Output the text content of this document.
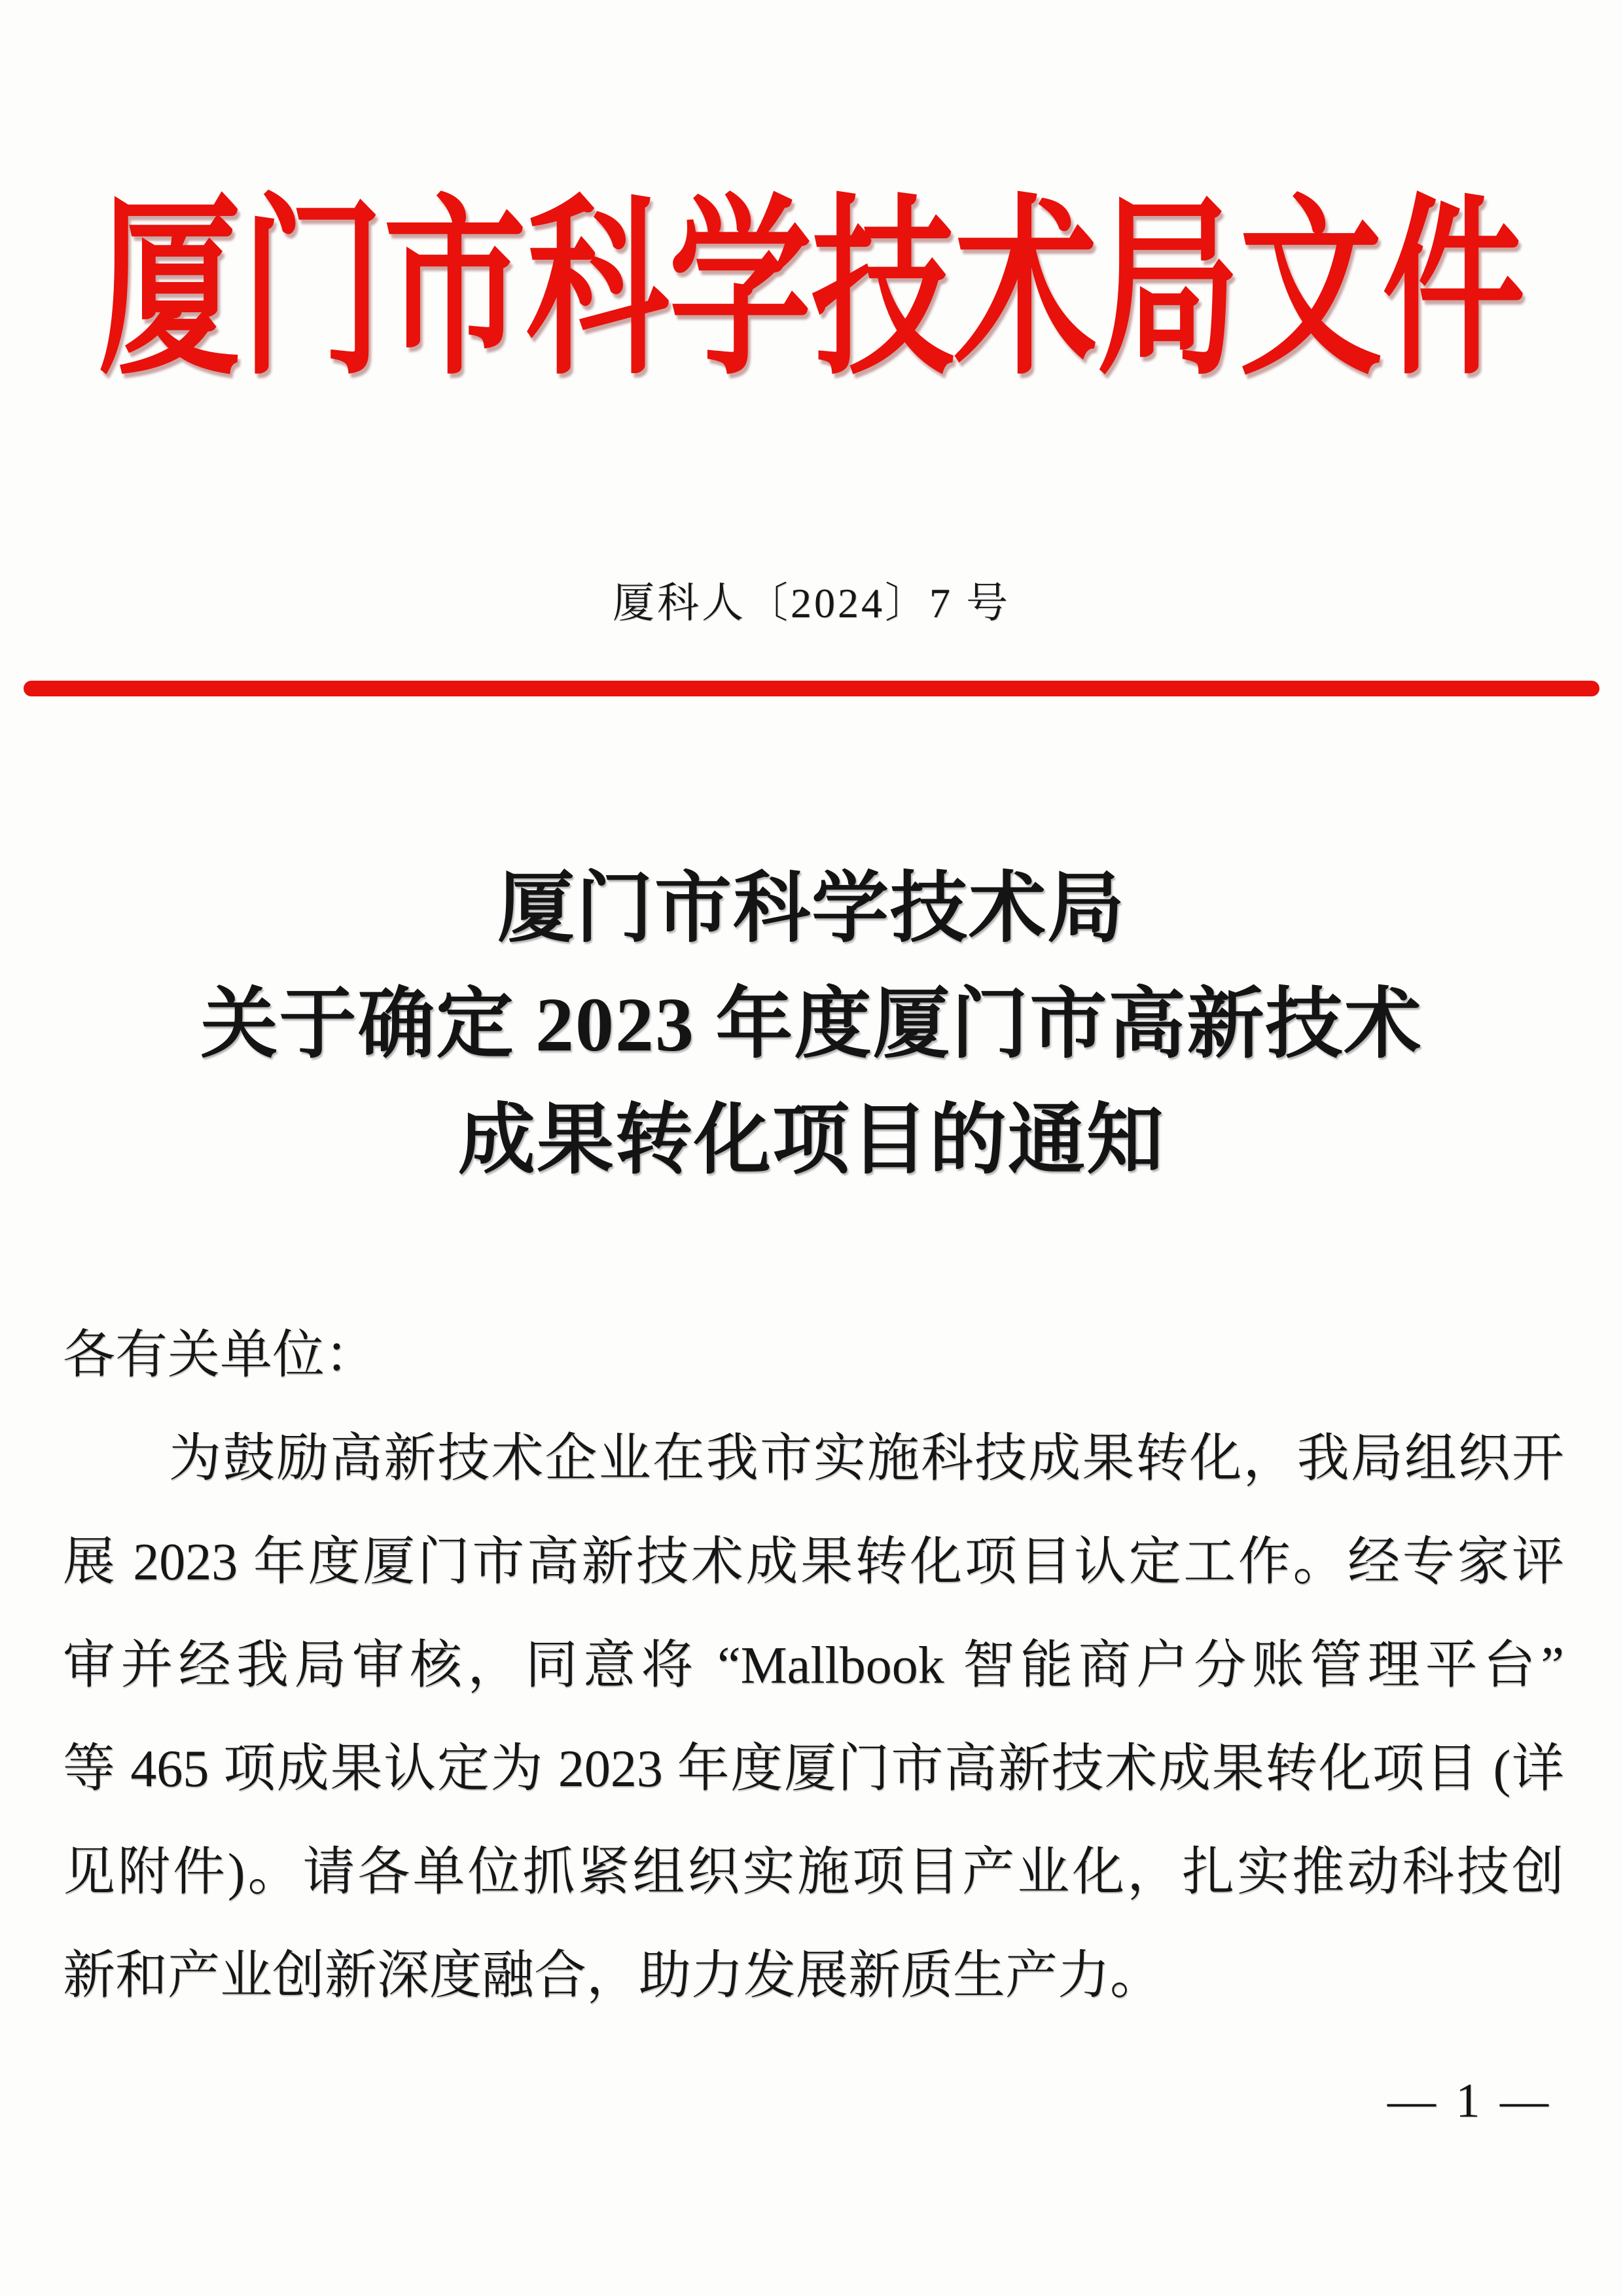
厦门市科学技术局文件
厦科人〔2024〕7 号
厦门市科学技术局
关于确定 2023 年度厦门市高新技术
成果转化项目的通知
各有关单位：
为鼓励高新技术企业在我市实施科技成果转化，我局组织开
展 2023 年度厦门市高新技术成果转化项目认定工作。经专家评
审并经我局审核，同意将 “Mallbook 智能商户分账管理平台”
等 465 项成果认定为 2023 年度厦门市高新技术成果转化项目 (详
见附件)。请各单位抓紧组织实施项目产业化，扎实推动科技创
新和产业创新深度融合，助力发展新质生产力。
— 1 —
